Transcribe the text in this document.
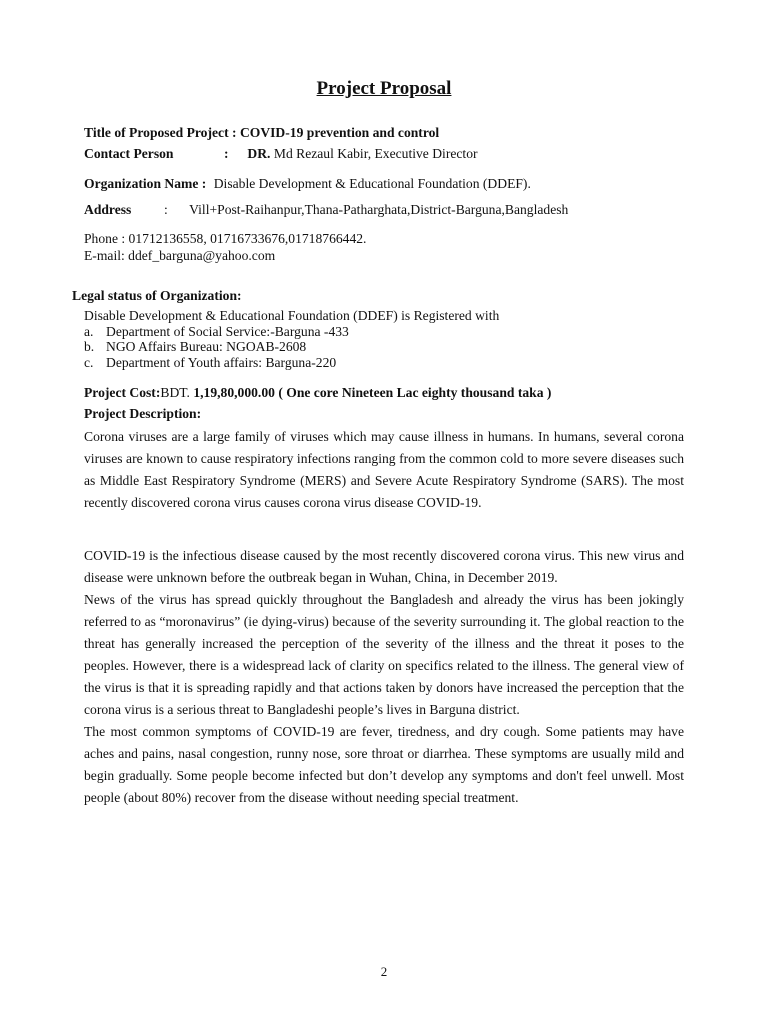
Project Proposal
Title of Proposed Project : COVID-19 prevention and control
Contact Person	: DR. Md Rezaul Kabir, Executive Director
Organization Name : Disable Development & Educational Foundation (DDEF).
Address : Vill+Post-Raihanpur,Thana-Patharghata,District-Barguna,Bangladesh
Phone : 01712136558, 01716733676,01718766442.
E-mail: ddef_barguna@yahoo.com
Legal status of Organization:
Disable Development & Educational Foundation (DDEF) is Registered with
a. Department of Social Service:-Barguna -433
b. NGO Affairs Bureau: NGOAB-2608
c. Department of Youth affairs: Barguna-220
Project Cost:BDT. 1,19,80,000.00 ( One core Nineteen Lac eighty thousand taka )
Project Description:

Corona viruses are a large family of viruses which may cause illness in humans. In humans, several corona viruses are known to cause respiratory infections ranging from the common cold to more severe diseases such as Middle East Respiratory Syndrome (MERS) and Severe Acute Respiratory Syndrome (SARS). The most recently discovered corona virus causes corona virus disease COVID-19.

COVID-19 is the infectious disease caused by the most recently discovered corona virus. This new virus and disease were unknown before the outbreak began in Wuhan, China, in December 2019.

News of the virus has spread quickly throughout the Bangladesh and already the virus has been jokingly referred to as “moronavirus” (ie dying-virus) because of the severity surrounding it. The global reaction to the threat has generally increased the perception of the severity of the illness and the threat it poses to the peoples. However, there is a widespread lack of clarity on specifics related to the illness. The general view of the virus is that it is spreading rapidly and that actions taken by donors have increased the perception that the corona virus is a serious threat to Bangladeshi people’s lives in Barguna district.

The most common symptoms of COVID-19 are fever, tiredness, and dry cough. Some patients may have aches and pains, nasal congestion, runny nose, sore throat or diarrhea. These symptoms are usually mild and begin gradually. Some people become infected but don’t develop any symptoms and don't feel unwell. Most people (about 80%) recover from the disease without needing special treatment.

2
